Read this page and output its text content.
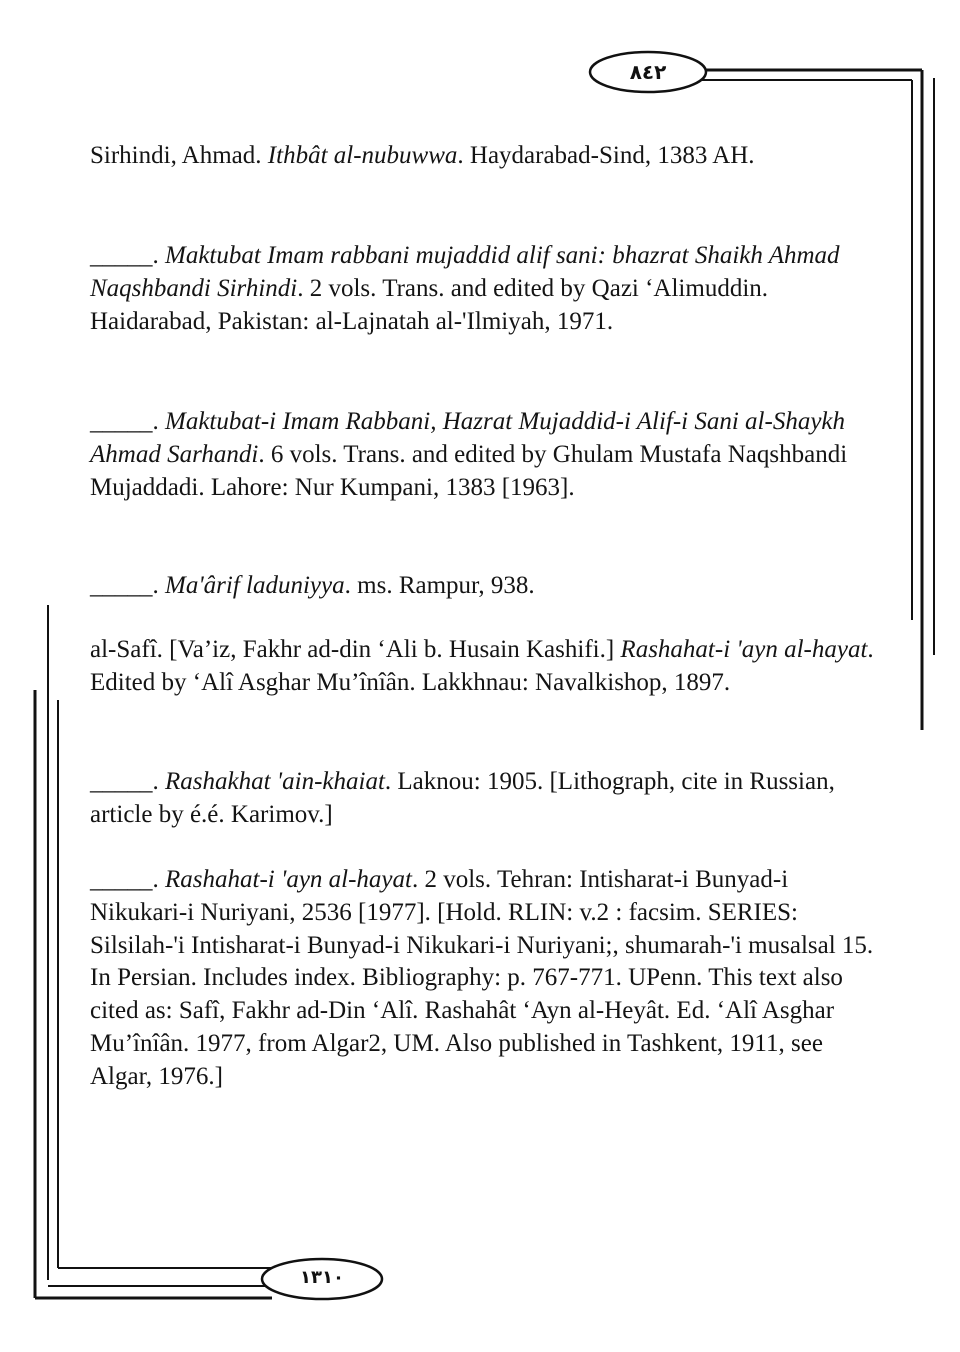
٨٤٢
١٣١٠

Sirhindi, Ahmad. Ithbât al-nubuwwa. Haydarabad-Sind, 1383 AH.

_____. Maktubat Imam rabbani mujaddid alif sani: bhazrat Shaikh Ahmad Naqshbandi Sirhindi. 2 vols. Trans. and edited by Qazi ‘Alimuddin. Haidarabad, Pakistan: al-Lajnatah al-'Ilmiyah, 1971.

_____. Maktubat-i Imam Rabbani, Hazrat Mujaddid-i Alif-i Sani al-Shaykh Ahmad Sarhandi. 6 vols. Trans. and edited by Ghulam Mustafa Naqshbandi Mujaddadi. Lahore: Nur Kumpani, 1383 [1963].

_____. Ma'ârif laduniyya. ms. Rampur, 938.

al-Safî. [Va’iz, Fakhr ad-din ‘Ali b. Husain Kashifi.] Rashahat-i 'ayn al-hayat. Edited by ‘Alî Asghar Mu’înîân. Lakkhnau: Navalkishop, 1897.

_____. Rashakhat 'ain-khaiat. Laknou: 1905. [Lithograph, cite in Russian, article by é.é. Karimov.]

_____. Rashahat-i 'ayn al-hayat. 2 vols. Tehran: Intisharat-i Bunyad-i Nikukari-i Nuriyani, 2536 [1977]. [Hold. RLIN: v.2 : facsim. SERIES: Silsilah-'i Intisharat-i Bunyad-i Nikukari-i Nuriyani;, shumarah-'i musalsal 15. In Persian. Includes index. Bibliography: p. 767-771. UPenn. This text also cited as: Safî, Fakhr ad-Din ‘Alî. Rashahât ‘Ayn al-Heyât. Ed. ‘Alî Asghar Mu’înîân. 1977, from Algar2, UM. Also published in Tashkent, 1911, see Algar, 1976.]
